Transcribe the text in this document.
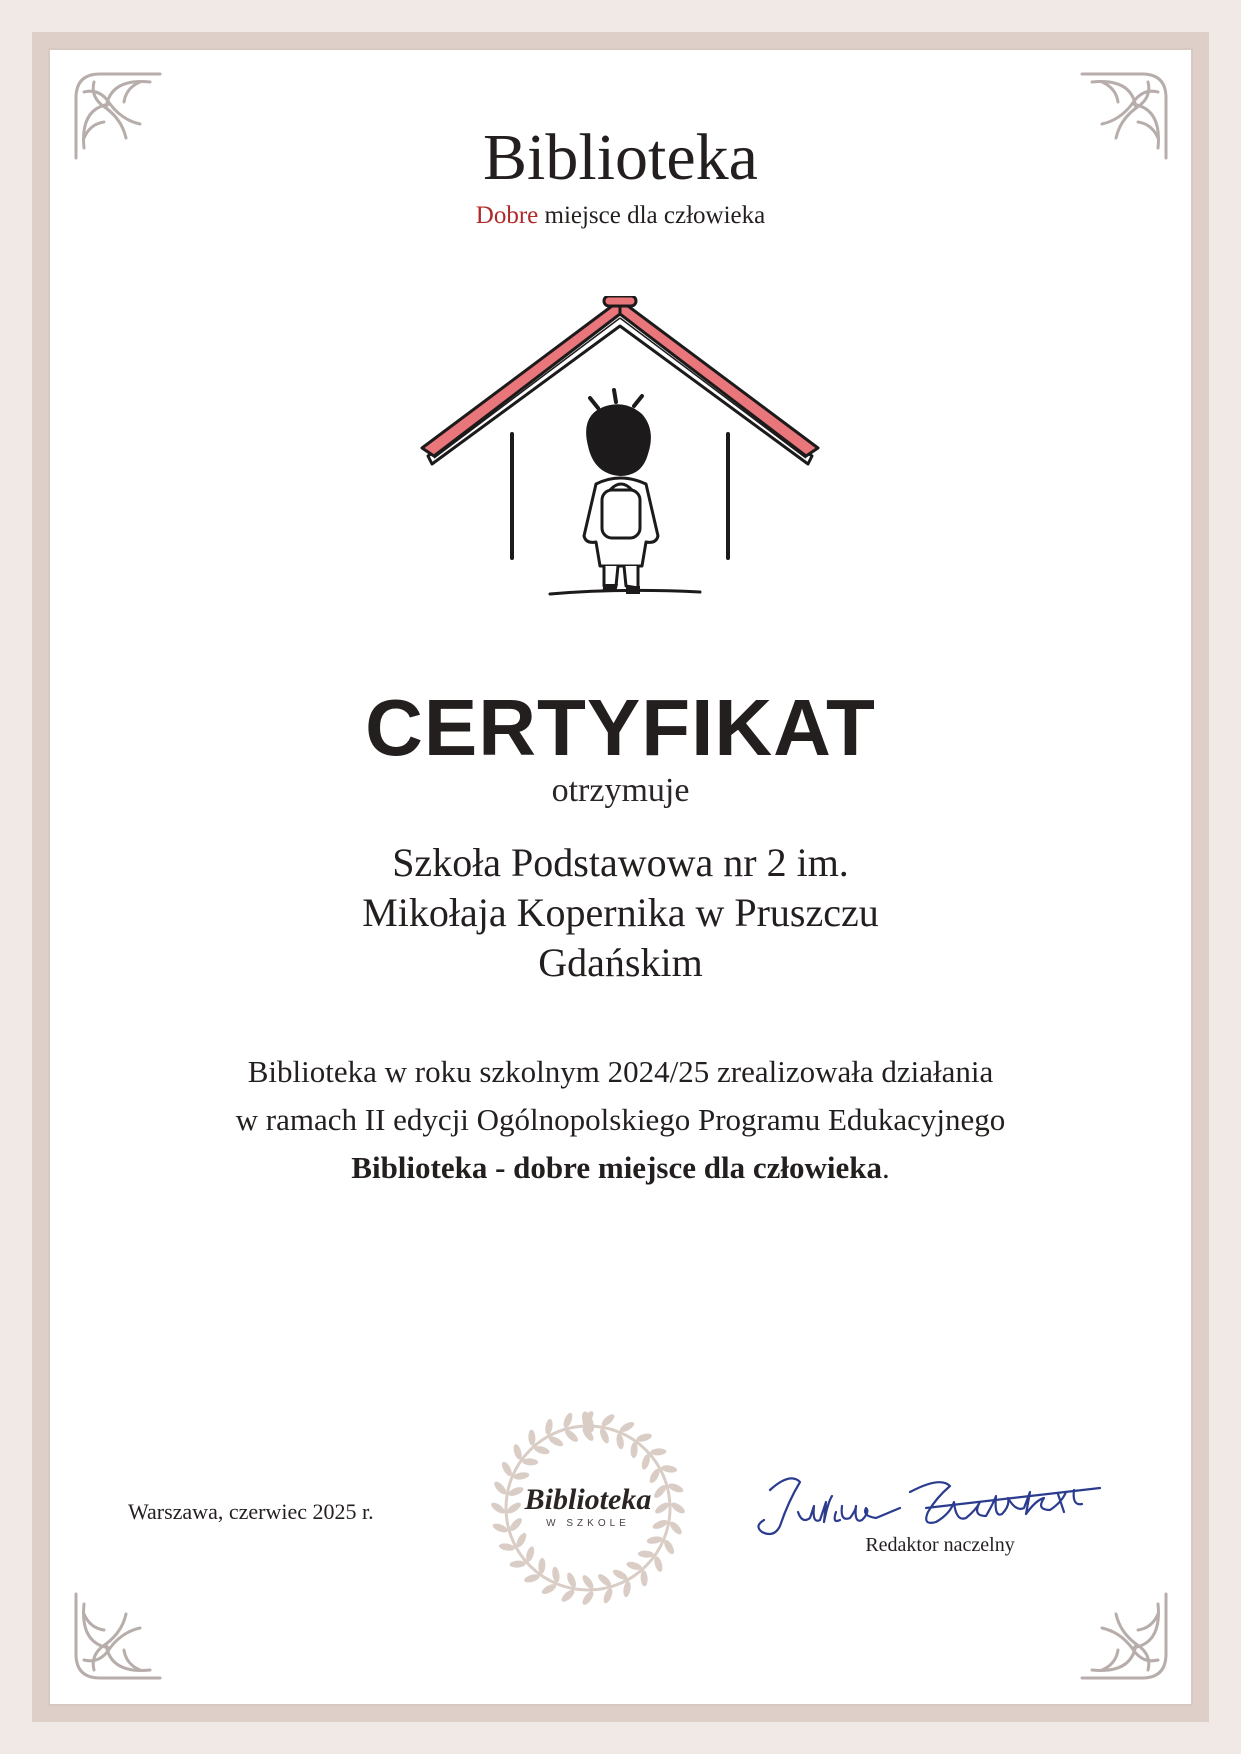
Biblioteka
Dobre miejsce dla człowieka
CERTYFIKAT
otrzymuje
Szkoła Podstawowa nr 2 im.
Mikołaja Kopernika w Pruszczu
Gdańskim
Biblioteka w roku szkolnym 2024/25 zrealizowała działania
w ramach II edycji Ogólnopolskiego Programu Edukacyjnego
Biblioteka - dobre miejsce dla człowieka.
Warszawa, czerwiec 2025 r.	Biblioteka
W SZKOLE
Redaktor naczelny
